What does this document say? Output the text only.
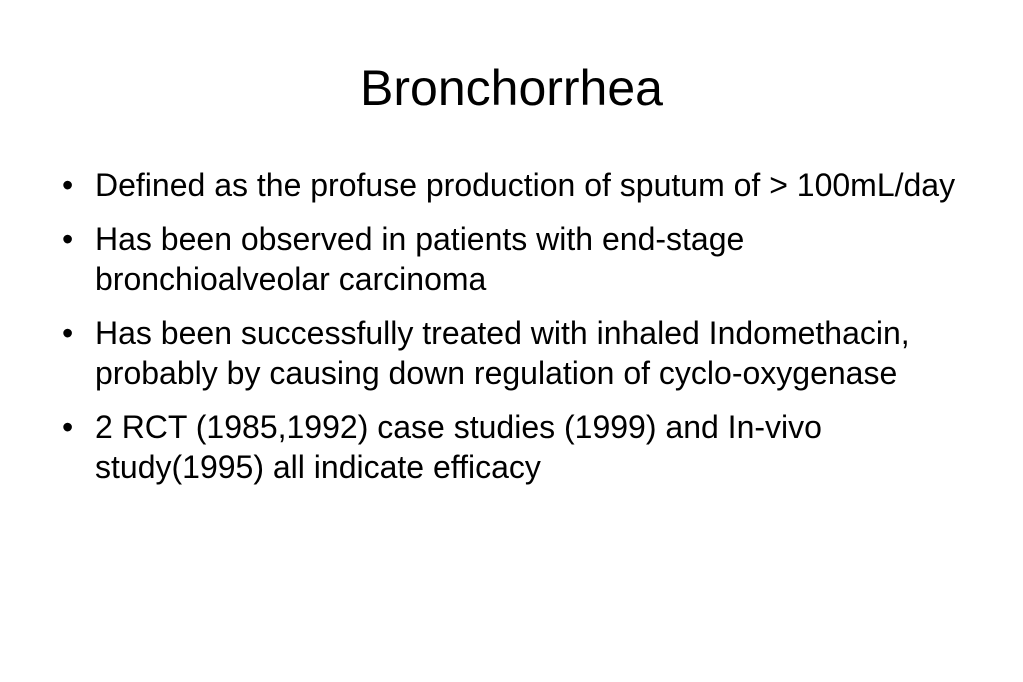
Bronchorrhea
• Defined as the profuse production of sputum of > 100mL/day
• Has been observed in patients with end-stage bronchioalveolar carcinoma
• Has been successfully treated with inhaled Indomethacin, probably by causing down regulation of cyclo-oxygenase
• 2 RCT (1985,1992) case studies (1999) and In-vivo study(1995) all indicate efficacy
